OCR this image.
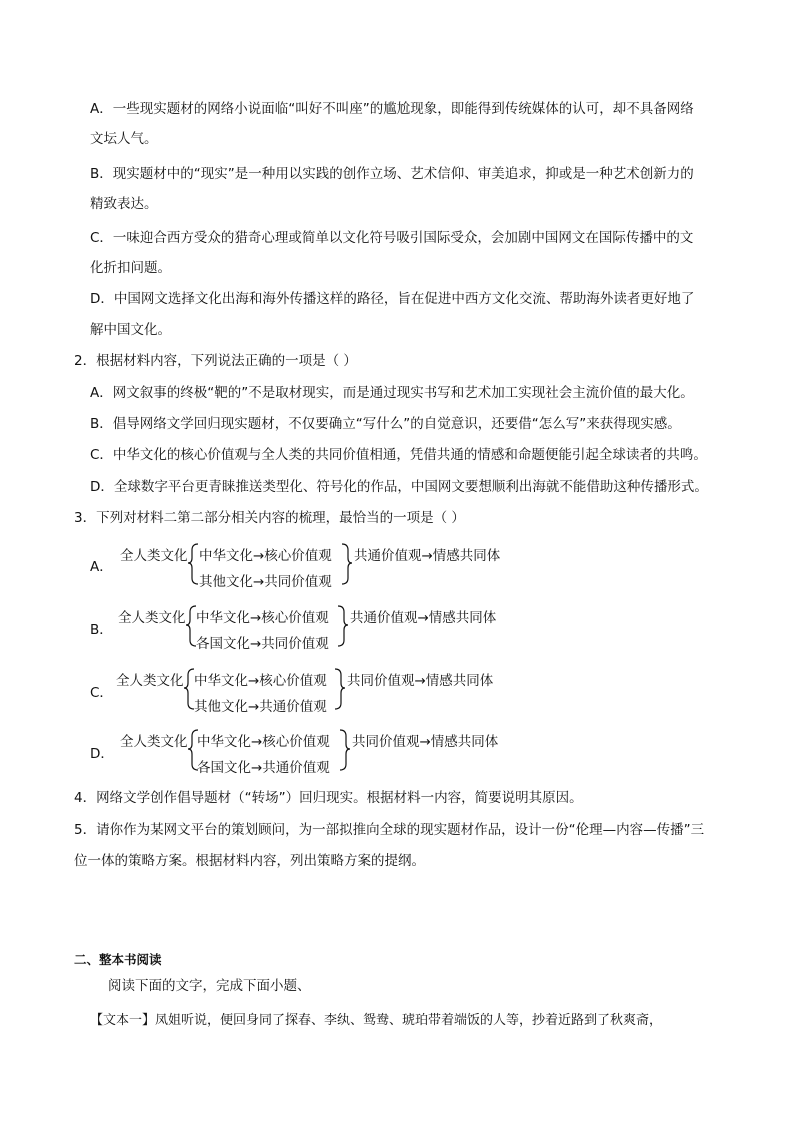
A．一些现实题材的网络小说面临“叫好不叫座”的尴尬现象，即能得到传统媒体的认可，却不具备网络
文坛人气。
B．现实题材中的“现实”是一种用以实践的创作立场、艺术信仰、审美追求，抑或是一种艺术创新力的
精致表达。
C．一味迎合西方受众的猎奇心理或简单以文化符号吸引国际受众，会加剧中国网文在国际传播中的文
化折扣问题。
D．中国网文选择文化出海和海外传播这样的路径，旨在促进中西方文化交流、帮助海外读者更好地了
解中国文化。
2．根据材料内容，下列说法正确的一项是（ ）
A．网文叙事的终极“靶的”不是取材现实，而是通过现实书写和艺术加工实现社会主流价值的最大化。
B．倡导网络文学回归现实题材，不仅要确立“写什么”的自觉意识，还要借“怎么写”来获得现实感。
C．中华文化的核心价值观与全人类的共同价值相通，凭借共通的情感和命题便能引起全球读者的共鸣。
D．全球数字平台更青睐推送类型化、符号化的作品，中国网文要想顺利出海就不能借助这种传播形式。
3．下列对材料二第二部分相关内容的梳理，最恰当的一项是（ ）
A．
全人类文化 中华文化→核心价值观
其他文化→共同价值观
共通价值观→情感共同体
B．
全人类文化 中华文化→核心价值观
各国文化→共同价值观
共通价值观→情感共同体
C．
全人类文化 中华文化→核心价值观
其他文化→共通价值观
共同价值观→情感共同体
D．
全人类文化 中华文化→核心价值观
各国文化→共通价值观
共同价值观→情感共同体
4．网络文学创作倡导题材（“转场”）回归现实。根据材料一内容，简要说明其原因。
5．请你作为某网文平台的策划顾问，为一部拟推向全球的现实题材作品，设计一份“伦理—内容—传播”三
位一体的策略方案。根据材料内容，列出策略方案的提纲。
二、整本书阅读
阅读下面的文字，完成下面小题、
【文本一】凤姐听说，便回身同了探春、李纨、鸳鸯、琥珀带着端饭的人等，抄着近路到了秋爽斋，
